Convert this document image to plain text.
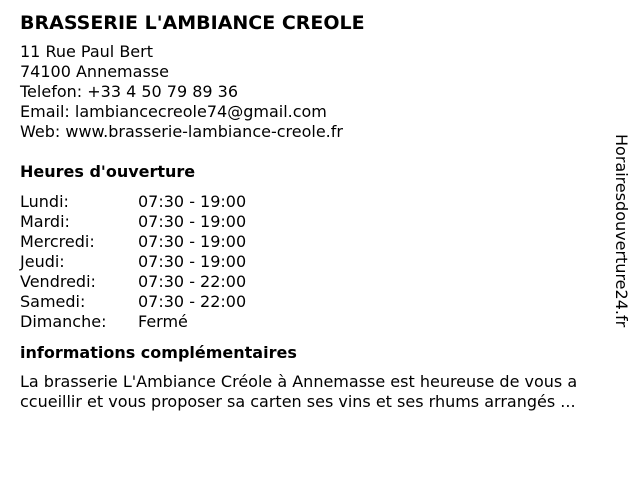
BRASSERIE L'AMBIANCE CREOLE
11 Rue Paul Bert
74100 Annemasse
Telefon: +33 4 50 79 89 36
Email: lambiancecreole74@gmail.com
Web: www.brasserie-lambiance-creole.fr
Heures d'ouverture
Lundi:	07:30 - 19:00
Mardi:	07:30 - 19:00
Mercredi:	07:30 - 19:00
Jeudi:	07:30 - 19:00
Vendredi:	07:30 - 22:00
Samedi:	07:30 - 22:00
Dimanche:	Fermé
informations complémentaires
La brasserie L'Ambiance Créole à Annemasse est heureuse de vous a ccueillir et vous proposer sa carten ses vins et ses rhums arrangés ...
Horairesdouverture24.fr
